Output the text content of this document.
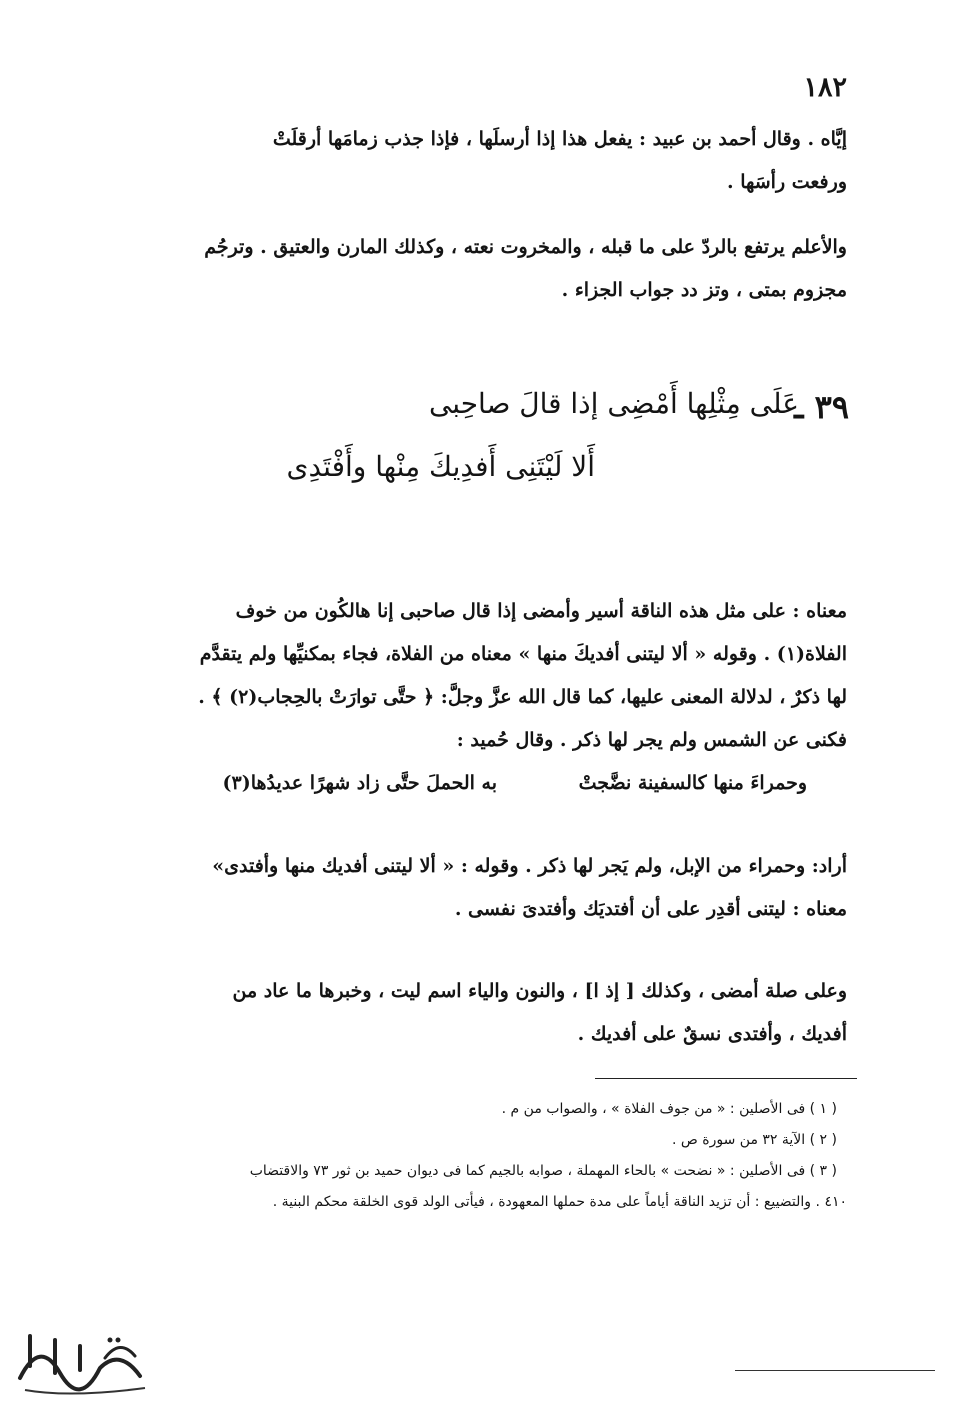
١٨٢

إيَّاه . وقال أحمد بن عبيد : يفعل هذا إذا أرسلَها ، فإذا جذب زمامَها أرقلَتْ
ورفعت رأسَها .

والأعلم يرتفع بالردّ على ما قبله ، والمخروت نعته ، وكذلك المارن والعتيق . وترجُم
مجزوم بمتى ، وتز دد جواب الجزاء .

٣٩ ـ
عَلَى مِثْلِها أَمْضِى إذا قالَ صاحِبى
أَلا لَيْتَنِى أَفدِيكَ مِنْها وأَفْتَدِى

معناه : على مثل هذه الناقة أسير وأمضى إذا قال صاحبى إنا هالكُون من خوف
الفلاة(١) . وقوله « ألا ليتنى أفديكَ منها » معناه من الفلاة، فجاء بمكنيِّها ولم يتقدَّم
لها ذكرٌ ، لدلالة المعنى عليها، كما قال الله عزَّ وجلَّ: ﴿ حتَّى توارَتْ بالحِجاب(٢) ﴾ .
فكنى عن الشمس ولم يجر لها ذكر . وقال حُميد :

وحمراءَ منها كالسفينة نضَّجتْ
به الحملَ حتَّى زاد شهرًا عديدُها(٣)

أراد: وحمراء من الإبل، ولم يَجر لها ذكر . وقوله : « ألا ليتنى أفديك منها وأفتدى»
معناه : ليتنى أقدِر على أن أفتديَك وأفتدىَ نفسى .

وعلى صلة أمضى ، وكذلك [ إذ ا] ، والنون والياء اسم ليت ، وخبرها ما عاد من
أفديك ، وأفتدى نسقٌ على أفديك .

( ١ ) فى الأصلين : « من جوف الفلاة » ، والصواب من م .
( ٢ ) الآية ٣٢ من سورة ص .
( ٣ ) فى الأصلين : « نضحت » بالحاء المهملة ، صوابه بالجيم كما فى ديوان حميد بن ثور ٧٣ والاقتضاب
٤١٠ . والتضييع : أن تزيد الناقة أياماً على مدة حملها المعهودة ، فيأتى الولد قوى الخلقة محكم البنية .
